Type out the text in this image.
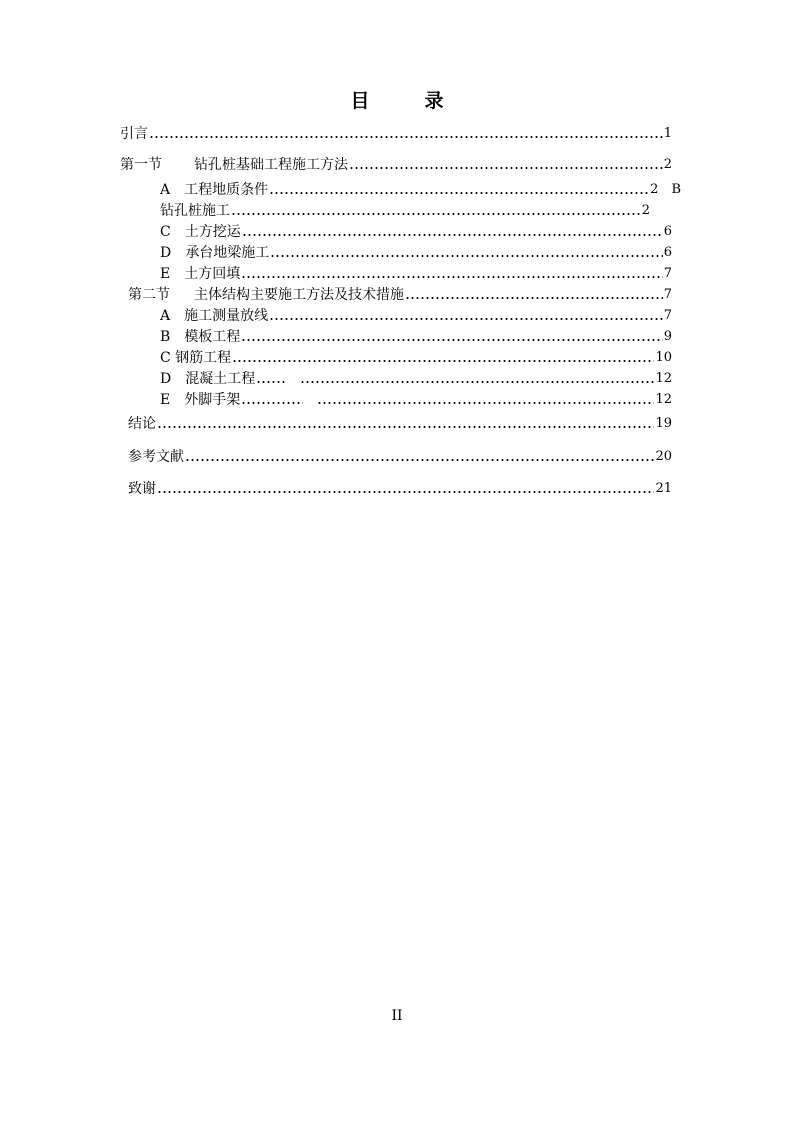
目　录
引言	1
第一节 钻孔桩基础工程施工方法	2
A　工程地质条件	2　B
钻孔桩施工	2
C　土方挖运	6
D　承台地梁施工	6
E　土方回填	7
第二节 主体结构主要施工方法及技术措施	7
A　施工测量放线	7
B　模板工程	9
C 钢筋工程	10
D　混凝土工程	12
E　外脚手架	12
结论	19
参考文献	20
致谢	21
II
